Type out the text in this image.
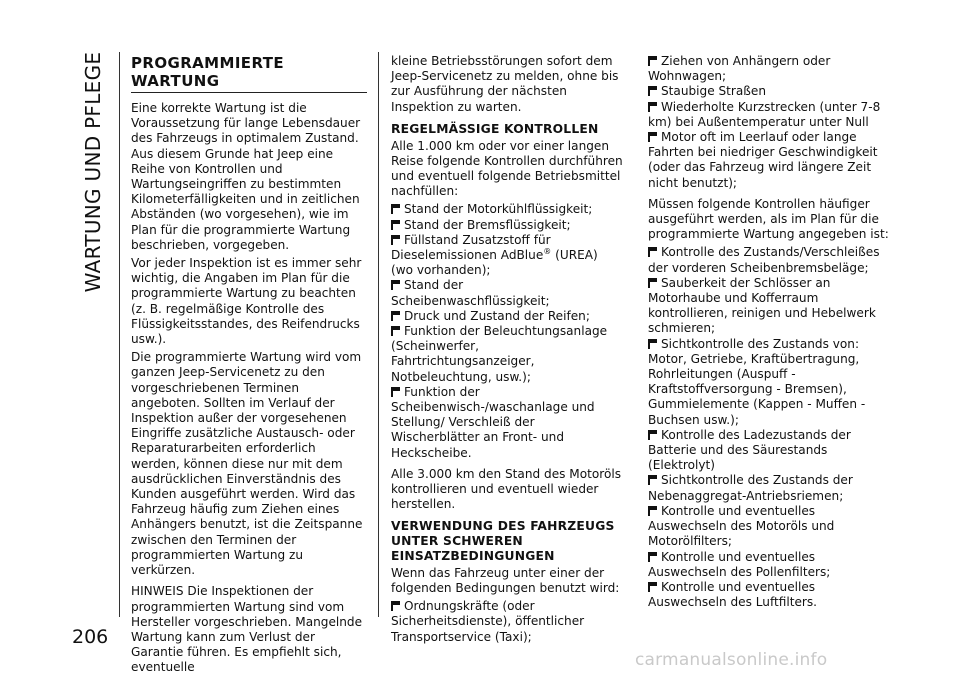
WARTUNG UND PFLEGE
206
PROGRAMMIERTE WARTUNG

Eine korrekte Wartung ist die Voraussetzung für lange Lebensdauer des Fahrzeugs in optimalem Zustand. Aus diesem Grunde hat Jeep eine Reihe von Kontrollen und Wartungseingriffen zu bestimmten Kilometerfälligkeiten und in zeitlichen Abständen (wo vorgesehen), wie im Plan für die programmierte Wartung beschrieben, vorgegeben.

Vor jeder Inspektion ist es immer sehr wichtig, die Angaben im Plan für die programmierte Wartung zu beachten (z. B. regelmäßige Kontrolle des Flüssigkeitsstandes, des Reifendrucks usw.).

Die programmierte Wartung wird vom ganzen Jeep-Servicenetz zu den vorgeschriebenen Terminen angeboten. Sollten im Verlauf der Inspektion außer der vorgesehenen Eingriffe zusätzliche Austausch- oder Reparaturarbeiten erforderlich werden, können diese nur mit dem ausdrücklichen Einverständnis des Kunden ausgeführt werden. Wird das Fahrzeug häufig zum Ziehen eines Anhängers benutzt, ist die Zeitspanne zwischen den Terminen der programmierten Wartung zu verkürzen.

HINWEIS Die Inspektionen der programmierten Wartung sind vom Hersteller vorgeschrieben. Mangelnde Wartung kann zum Verlust der Garantie führen. Es empfiehlt sich, eventuelle

kleine Betriebsstörungen sofort dem Jeep-Servicenetz zu melden, ohne bis zur Ausführung der nächsten Inspektion zu warten.

REGELMÄSSIGE KONTROLLEN

Alle 1.000 km oder vor einer langen Reise folgende Kontrollen durchführen und eventuell folgende Betriebsmittel nachfüllen:

Stand der Motorkühlflüssigkeit;
Stand der Bremsflüssigkeit;
Füllstand Zusatzstoff für Dieselemissionen AdBlue® (UREA) (wo vorhanden);
Stand der Scheibenwaschflüssigkeit;
Druck und Zustand der Reifen;
Funktion der Beleuchtungsanlage (Scheinwerfer, Fahrtrichtungsanzeiger, Notbeleuchtung, usw.);
Funktion der Scheibenwisch-/waschanlage und Stellung/ Verschleiß der Wischerblätter an Front- und Heckscheibe.

Alle 3.000 km den Stand des Motoröls kontrollieren und eventuell wieder herstellen.

VERWENDUNG DES FAHRZEUGS UNTER SCHWEREN EINSATZBEDINGUNGEN

Wenn das Fahrzeug unter einer der folgenden Bedingungen benutzt wird:

Ordnungskräfte (oder Sicherheitsdienste), öffentlicher Transportservice (Taxi);
Ziehen von Anhängern oder Wohnwagen;
Staubige Straßen
Wiederholte Kurzstrecken (unter 7-8 km) bei Außentemperatur unter Null
Motor oft im Leerlauf oder lange Fahrten bei niedriger Geschwindigkeit (oder das Fahrzeug wird längere Zeit nicht benutzt);

Müssen folgende Kontrollen häufiger ausgeführt werden, als im Plan für die programmierte Wartung angegeben ist:

Kontrolle des Zustands/Verschleißes der vorderen Scheibenbremsbeläge;
Sauberkeit der Schlösser an Motorhaube und Kofferraum kontrollieren, reinigen und Hebelwerk schmieren;
Sichtkontrolle des Zustands von: Motor, Getriebe, Kraftübertragung, Rohrleitungen (Auspuff - Kraftstoffversorgung - Bremsen), Gummielemente (Kappen - Muffen - Buchsen usw.);
Kontrolle des Ladezustands der Batterie und des Säurestands (Elektrolyt)
Sichtkontrolle des Zustands der Nebenaggregat-Antriebsriemen;
Kontrolle und eventuelles Auswechseln des Motoröls und Motorölfilters;
Kontrolle und eventuelles Auswechseln des Pollenfilters;
Kontrolle und eventuelles Auswechseln des Luftfilters.
carmanualsonline.info
